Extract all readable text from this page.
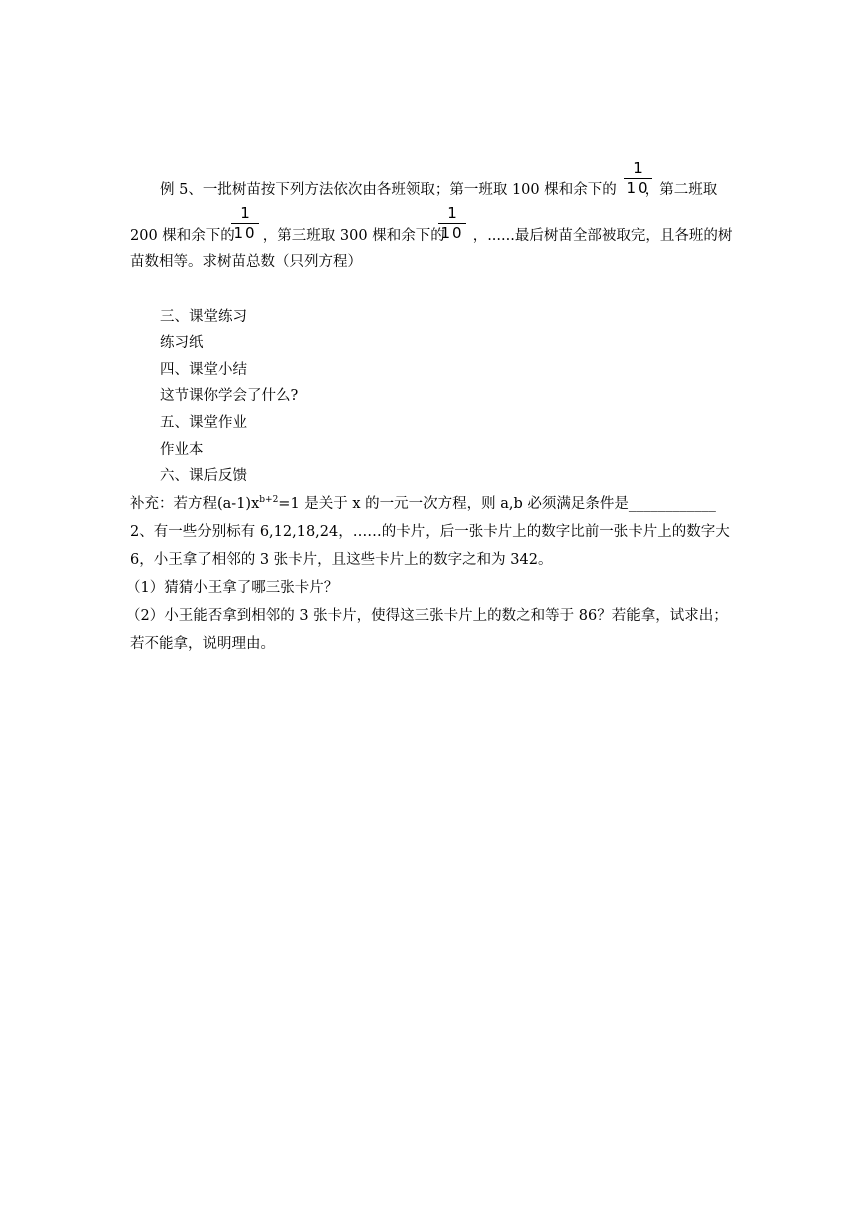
例 5、一批树苗按下列方法依次由各班领取；第一班取 100 棵和余下的 ，第二班取
1
10
200 棵和余下的 ，第三班取 300 棵和余下的 ，......最后树苗全部被取完，且各班的树
1
10
1
10
苗数相等。求树苗总数（只列方程）
三、课堂练习
练习纸
四、课堂小结
这节课你学会了什么?
五、课堂作业
作业本
六、课后反馈
补充：若方程$(a-1)x^{b+2}=1$ 是关于 x 的一元一次方程，则 a,b 必须满足条件是____________
2、有一些分别标有 6,12,18,24，……的卡片，后一张卡片上的数字比前一张卡片上的数字大
6，小王拿了相邻的 3 张卡片，且这些卡片上的数字之和为 342。
（1）猜猜小王拿了哪三张卡片？
（2）小王能否拿到相邻的 3 张卡片，使得这三张卡片上的数之和等于 86？若能拿，试求出；
若不能拿，说明理由。
